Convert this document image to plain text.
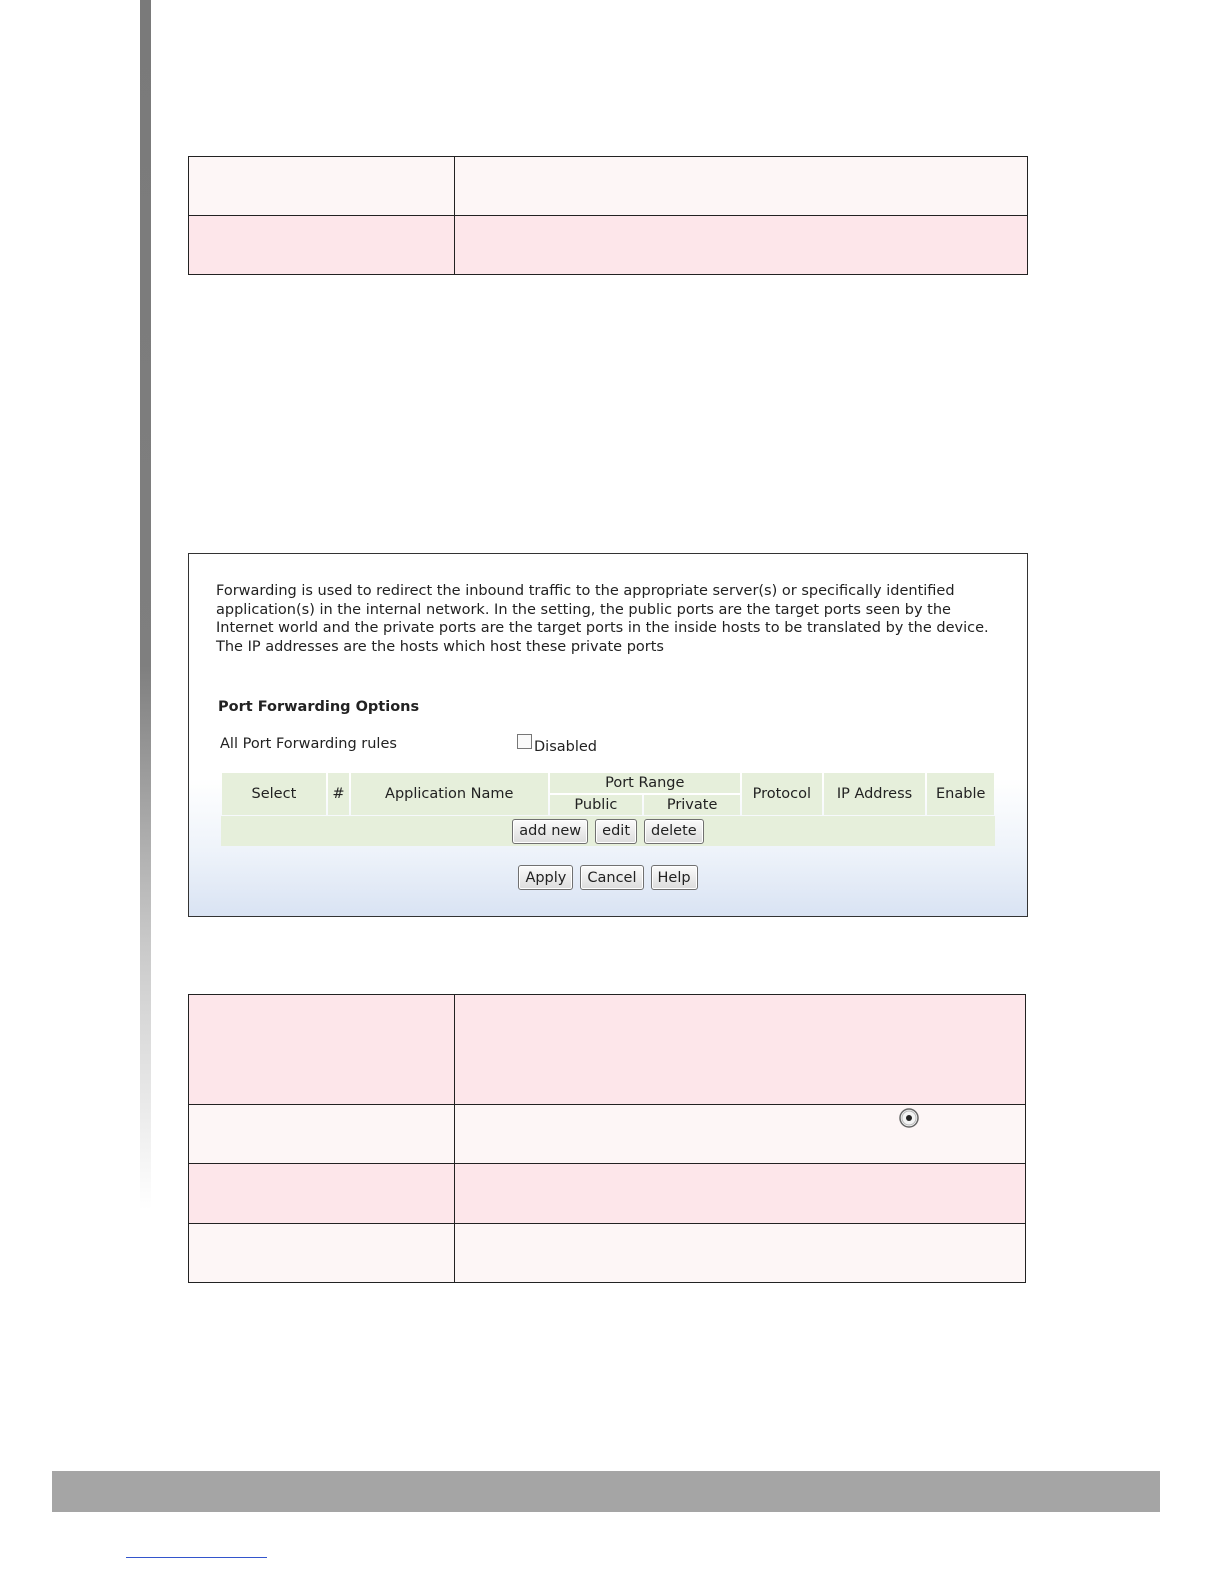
Forwarding is used to redirect the inbound traffic to the appropriate server(s) or specifically identified application(s) in the internal network. In the setting, the public ports are the target ports seen by the Internet world and the private ports are the target ports in the inside hosts to be translated by the device. The IP addresses are the hosts which host these private ports

Port Forwarding Options
All Port Forwarding rules	Disabled
Select	#	Application Name	Port Range		Protocol	IP Address	Enable
			Public	Private			
add new	edit	delete
Apply	Cancel	Help
